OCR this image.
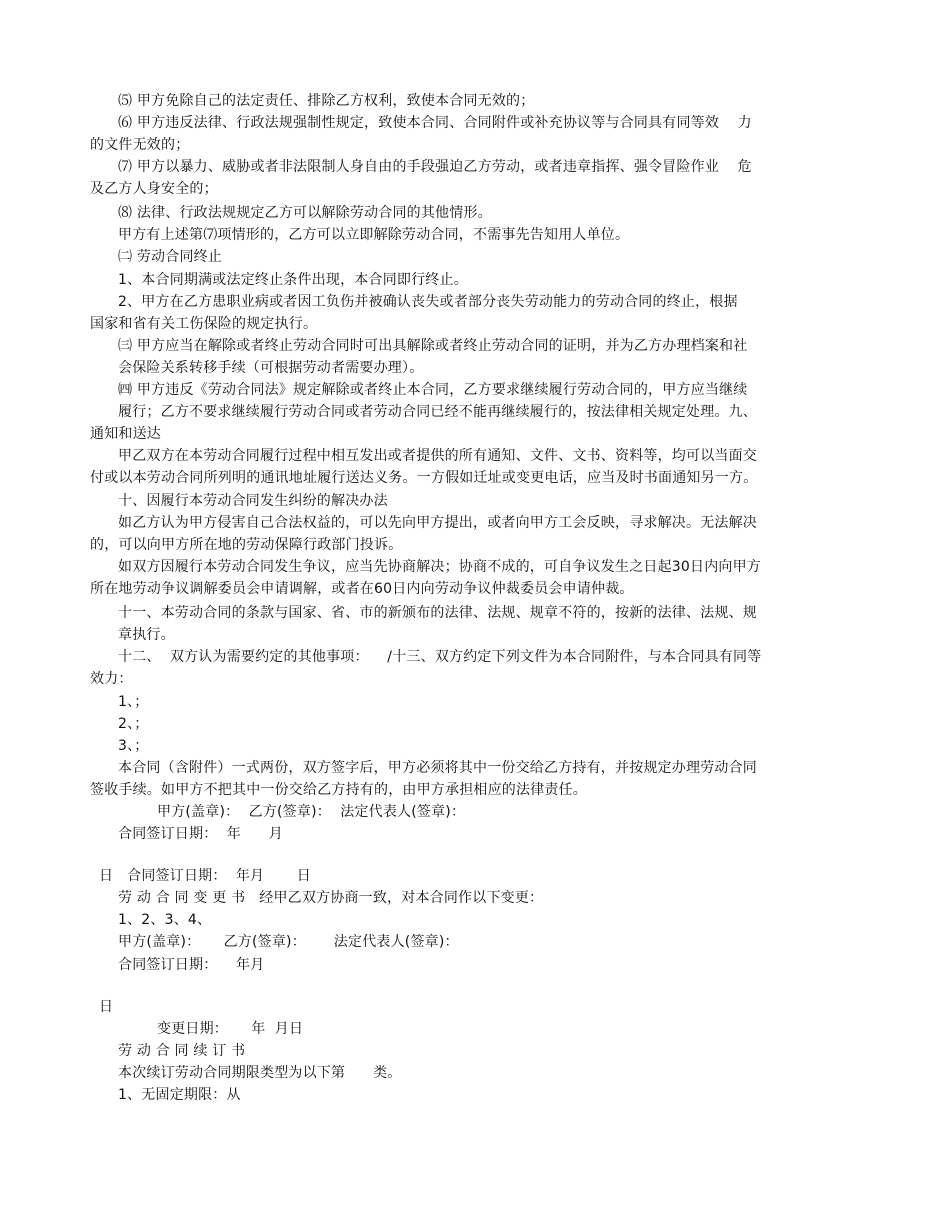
⑸ 甲方免除自己的法定责任、排除乙方权利，致使本合同无效的；
⑹ 甲方违反法律、行政法规强制性规定，致使本合同、合同附件或补充协议等与合同具有同等效    力
的文件无效的；
⑺ 甲方以暴力、威胁或者非法限制人身自由的手段强迫乙方劳动，或者违章指挥、强令冒险作业    危
及乙方人身安全的；
⑻ 法律、行政法规规定乙方可以解除劳动合同的其他情形。
甲方有上述第⑺项情形的，乙方可以立即解除劳动合同，不需事先告知用人单位。
㈡ 劳动合同终止
1、本合同期满或法定终止条件出现，本合同即行终止。
2、甲方在乙方患职业病或者因工负伤并被确认丧失或者部分丧失劳动能力的劳动合同的终止，根据
国家和省有关工伤保险的规定执行。
㈢ 甲方应当在解除或者终止劳动合同时可出具解除或者终止劳动合同的证明，并为乙方办理档案和社
会保险关系转移手续（可根据劳动者需要办理）。
㈣ 甲方违反《劳动合同法》规定解除或者终止本合同，乙方要求继续履行劳动合同的，甲方应当继续
履行；乙方不要求继续履行劳动合同或者劳动合同已经不能再继续履行的，按法律相关规定处理。九、
通知和送达
甲乙双方在本劳动合同履行过程中相互发出或者提供的所有通知、文件、文书、资料等，均可以当面交
付或以本劳动合同所列明的通讯地址履行送达义务。一方假如迁址或变更电话，应当及时书面通知另一方。
十、因履行本劳动合同发生纠纷的解决办法
如乙方认为甲方侵害自己合法权益的，可以先向甲方提出，或者向甲方工会反映，寻求解决。无法解决
的，可以向甲方所在地的劳动保障行政部门投诉。
如双方因履行本劳动合同发生争议，应当先协商解决；协商不成的，可自争议发生之日起30日内向甲方
所在地劳动争议调解委员会申请调解，或者在60日内向劳动争议仲裁委员会申请仲裁。
十一、本劳动合同的条款与国家、省、市的新颁布的法律、法规、规章不符的，按新的法律、法规、规
章执行。
十二、  双方认为需要约定的其他事项：    /十三、双方约定下列文件为本合同附件，与本合同具有同等
效力：
1、；
2、；
3、；
本合同（含附件）一式两份，双方签字后，甲方必须将其中一份交给乙方持有，并按规定办理劳动合同
签收手续。如甲方不把其中一份交给乙方持有的，由甲方承担相应的法律责任。
甲方(盖章)：  乙方(签章)：  法定代表人(签章)：
合同签订日期：  年      月
日   合同签订日期：  年月       日
劳 动 合 同 变 更 书   经甲乙双方协商一致，对本合同作以下变更：
1、2、3、4、
甲方(盖章)：     乙方(签章)：      法定代表人(签章)：
合同签订日期：    年月
日
变更日期：     年  月日
劳 动 合 同 续 订 书
本次续订劳动合同期限类型为以下第      类。
1、无固定期限：从
